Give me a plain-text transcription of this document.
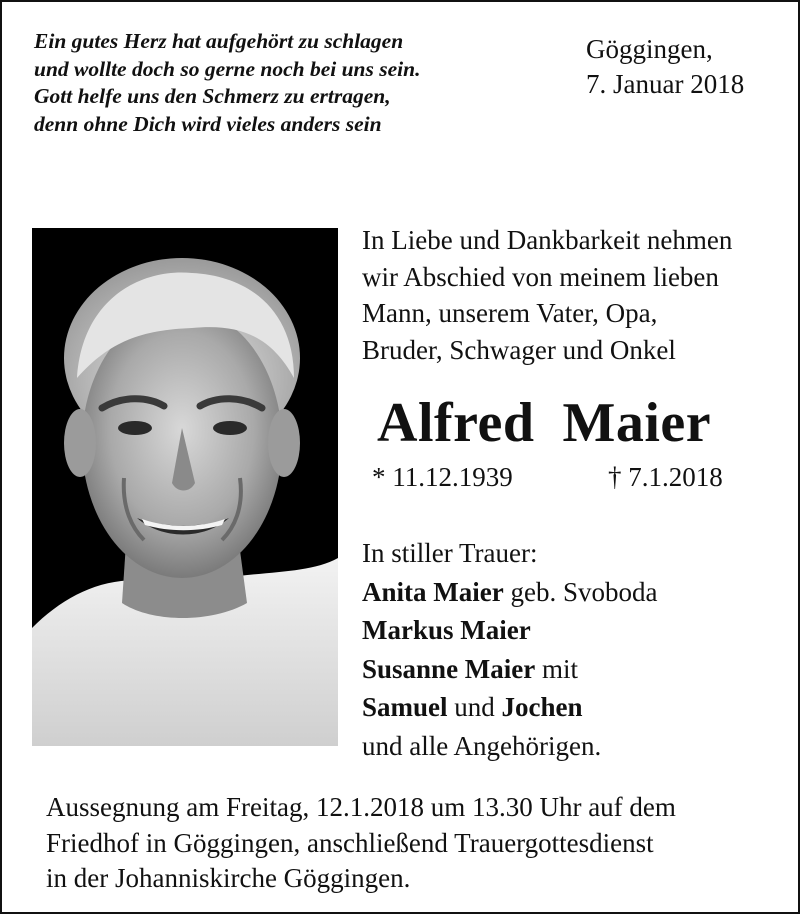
Ein gutes Herz hat aufgehört zu schlagen
und wollte doch so gerne noch bei uns sein.
Gott helfe uns den Schmerz zu ertragen,
denn ohne Dich wird vieles anders sein
Göggingen,
7. Januar 2018
In Liebe und Dankbarkeit nehmen
wir Abschied von meinem lieben
Mann, unserem Vater, Opa,
Bruder, Schwager und Onkel
Alfred Maier
* 11.12.1939	† 7.1.2018
In stiller Trauer:
Anita Maier geb. Svoboda
Markus Maier
Susanne Maier mit
Samuel und Jochen
und alle Angehörigen.
Aussegnung am Freitag, 12.1.2018 um 13.30 Uhr auf dem
Friedhof in Göggingen, anschließend Trauergottesdienst
in der Johanniskirche Göggingen.
